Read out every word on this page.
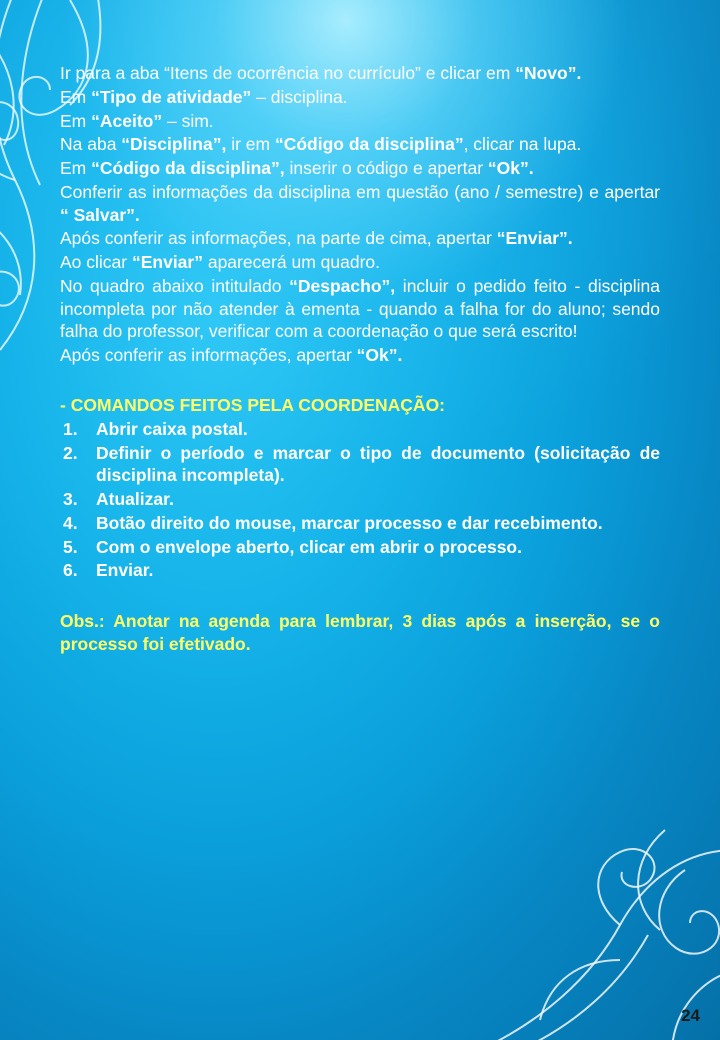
Ir para a aba “Itens de ocorrência no currículo” e clicar em “Novo”.

Em “Tipo de atividade” – disciplina.

Em “Aceito” – sim.

Na aba “Disciplina”, ir em “Código da disciplina”, clicar na lupa.

Em “Código da disciplina”, inserir o código e apertar “Ok”.

Conferir as informações da disciplina em questão (ano / semestre) e apertar “ Salvar”.

Após conferir as informações, na parte de cima, apertar “Enviar”.

Ao clicar “Enviar” aparecerá um quadro.

No quadro abaixo intitulado “Despacho”, incluir o pedido feito - disciplina incompleta por não atender à ementa - quando a falha for do aluno; sendo falha do professor, verificar com a coordenação o que será escrito!

Após conferir as informações, apertar “Ok”.

- COMANDOS FEITOS PELA COORDENAÇÃO:
1. Abrir caixa postal.
2. Definir o período e marcar o tipo de documento (solicitação de disciplina incompleta).
3. Atualizar.
4. Botão direito do mouse, marcar processo e dar recebimento.
5. Com o envelope aberto, clicar em abrir o processo.
6. Enviar.
Obs.: Anotar na agenda para lembrar, 3 dias após a inserção, se o processo foi efetivado.
24
